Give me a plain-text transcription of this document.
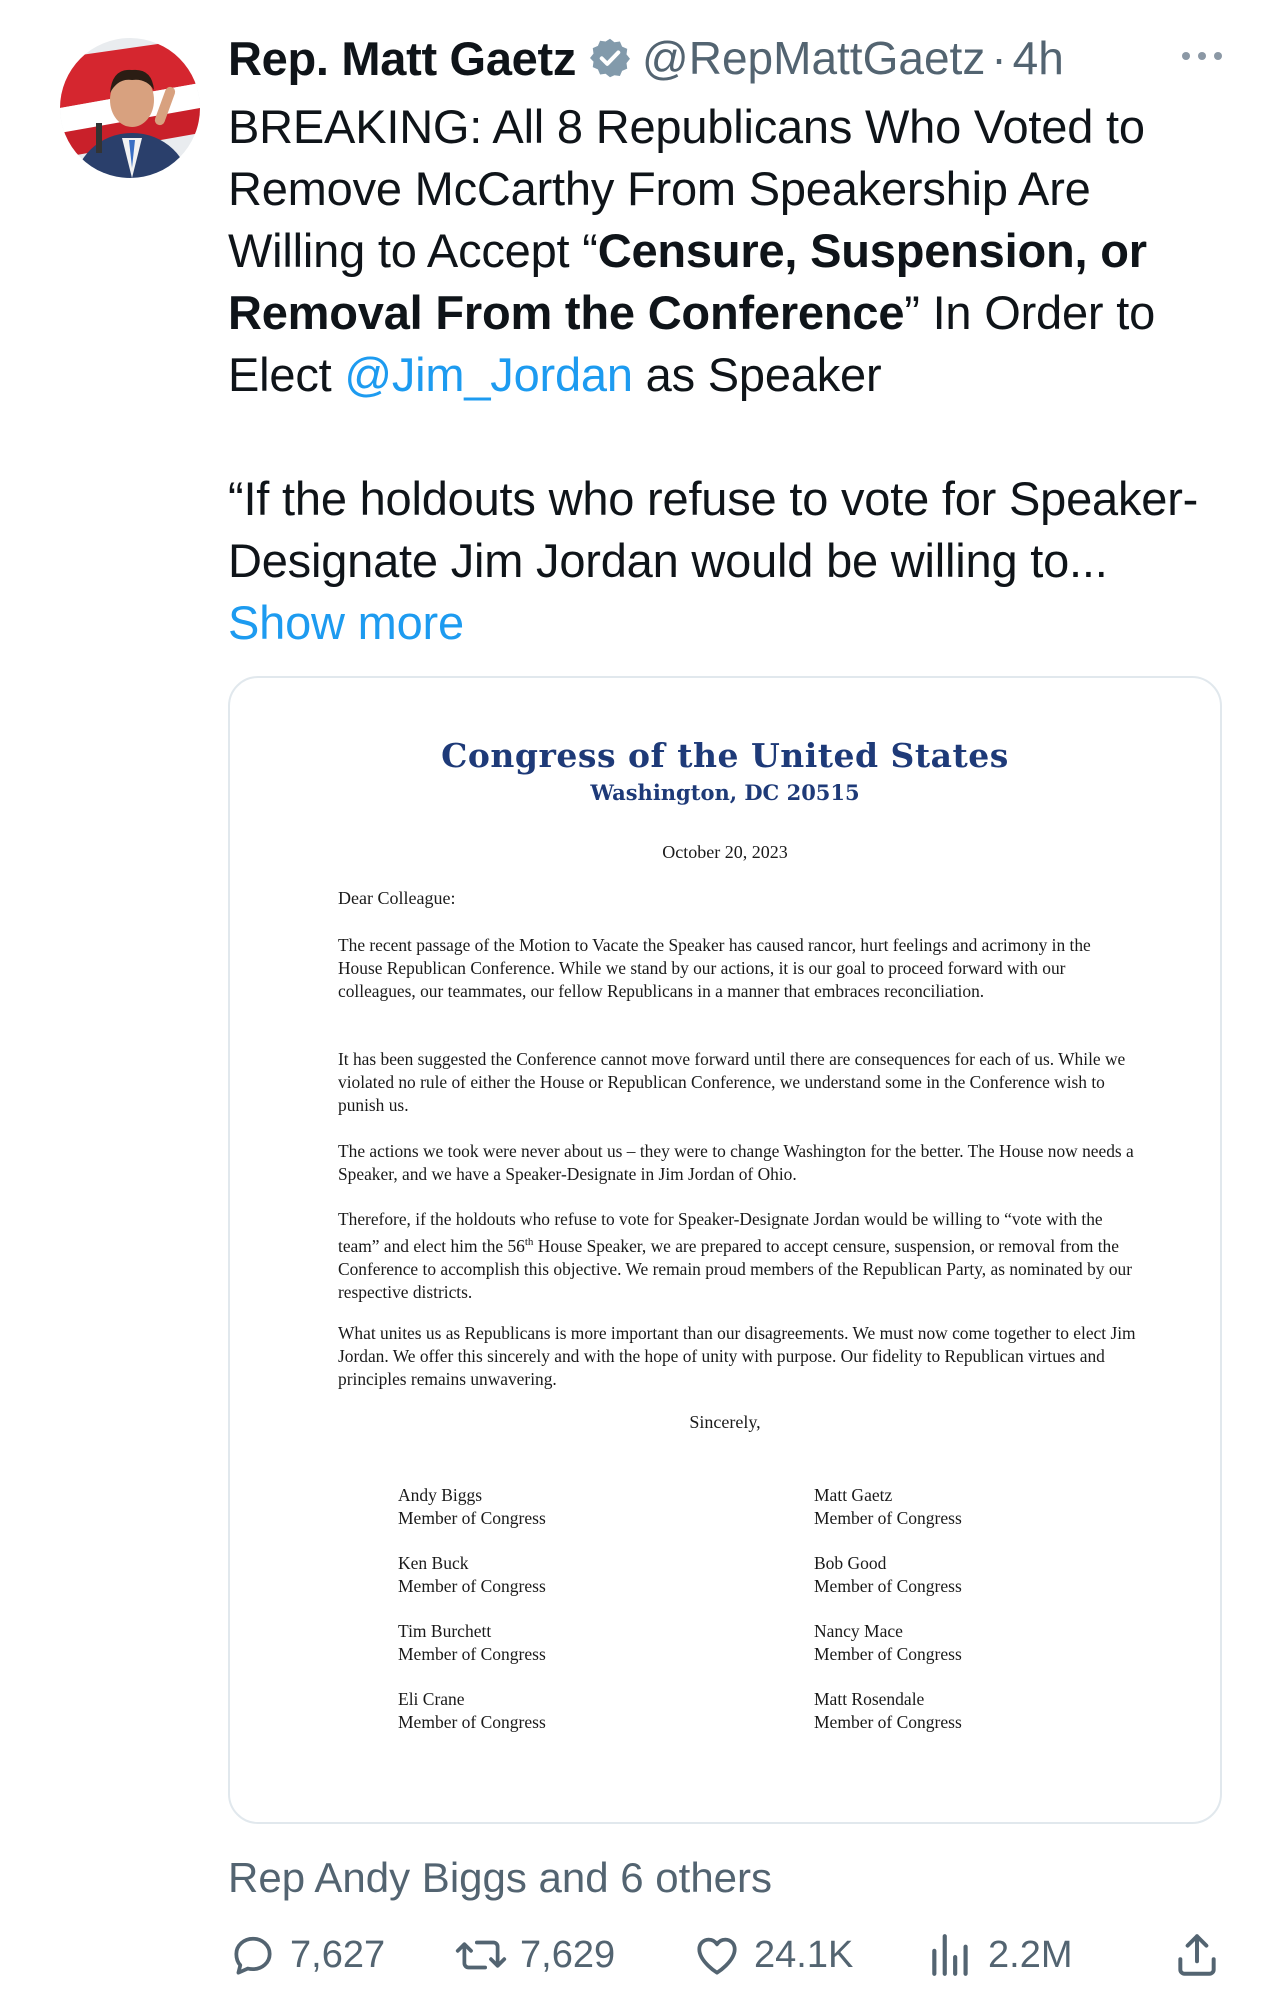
Rep. Matt Gaetz @RepMattGaetz · 4h

BREAKING: All 8 Republicans Who Voted to Remove McCarthy From Speakership Are Willing to Accept “Censure, Suspension, or Removal From the Conference” In Order to Elect @Jim_Jordan as Speaker

“If the holdouts who refuse to vote for Speaker-Designate Jim Jordan would be willing to... Show more

Congress of the United States
Washington, DC 20515
October 20, 2023
Dear Colleague:
The recent passage of the Motion to Vacate the Speaker has caused rancor, hurt feelings and acrimony in the House Republican Conference. While we stand by our actions, it is our goal to proceed forward with our colleagues, our teammates, our fellow Republicans in a manner that embraces reconciliation.
It has been suggested the Conference cannot move forward until there are consequences for each of us. While we violated no rule of either the House or Republican Conference, we understand some in the Conference wish to punish us.
The actions we took were never about us – they were to change Washington for the better. The House now needs a Speaker, and we have a Speaker-Designate in Jim Jordan of Ohio.
Therefore, if the holdouts who refuse to vote for Speaker-Designate Jordan would be willing to “vote with the team” and elect him the 56th House Speaker, we are prepared to accept censure, suspension, or removal from the Conference to accomplish this objective. We remain proud members of the Republican Party, as nominated by our respective districts.
What unites us as Republicans is more important than our disagreements. We must now come together to elect Jim Jordan. We offer this sincerely and with the hope of unity with purpose. Our fidelity to Republican virtues and principles remains unwavering.
Sincerely,
Andy Biggs
Member of Congress
Ken Buck
Member of Congress
Tim Burchett
Member of Congress
Eli Crane
Member of Congress
Matt Gaetz
Member of Congress
Bob Good
Member of Congress
Nancy Mace
Member of Congress
Matt Rosendale
Member of Congress
Rep Andy Biggs and 6 others
7,627	7,629	24.1K	2.2M
